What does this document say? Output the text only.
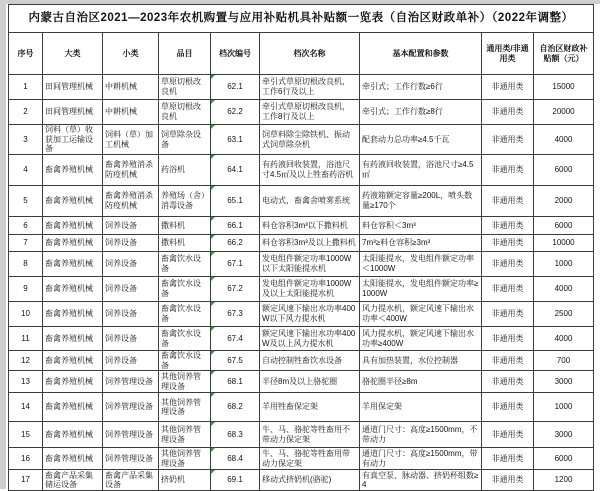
内蒙古自治区2021—2023年农机购置与应用补贴机具补贴额一览表（自治区财政单补）（2022年调整）								
序号	大类	小类	品目	档次编号	档次名称	基本配置和参数	通用类/非通用类	自治区财政补贴额（元）
1	田间管理机械	中耕机械	草原切根改良机	62.1	牵引式草原切根改良机，工作6行及以上	牵引式；工作行数≥6行	非通用类	15000
2	田间管理机械	中耕机械	草原切根改良机	62.2	牵引式草原切根改良机，工作8行及以上	牵引式；工作行数≥8行	非通用类	20000
3	饲料（草）收获加工运输设备	饲料（草）加工机械	饲草除杂设备	63.1	饲草料除尘除铁机、振动式饲草除杂机	配套动力总功率≥4.5千瓦	非通用类	4000
4	畜禽养殖机械	畜禽养殖消杀防疫机械	药浴机	64.1	有药液回收装置，浴池尺寸4.5㎡及以上牲畜药浴机	有药液回收装置，浴池尺寸≥4.5㎡	非通用类	6000
5	畜禽养殖机械	畜禽养殖消杀防疫机械	养殖场（舍）消毒设备	65.1	电动式，畜禽舍喷雾系统	药液箱额定容量≥200L，喷头数量≥170个	非通用类	2000
6	畜禽养殖机械	饲养设备	撒料机	66.1	料仓容积3m³以下撒料机	料仓容积＜3m³	非通用类	6000
7	畜禽养殖机械	饲养设备	撒料机	66.2	料仓容积3m³及以上撒料机	7m³≥料仓容积≥3m³	非通用类	10000
8	畜禽养殖机械	饲养设备	畜禽饮水设备	67.1	发电组件额定功率1000W以下太阳能提水机	太阳能提水，发电组件额定功率＜1000W	非通用类	1000
9	畜禽养殖机械	饲养设备	畜禽饮水设备	67.2	发电组件额定功率1000W及以上太阳能提水机	太阳能提水，发电组件额定功率≥1000W	非通用类	4000
10	畜禽养殖机械	饲养设备	畜禽饮水设备	67.3	额定风速下输出水功率400W以下风力提水机	风力提水机，额定风速下输出水功率＜400W	非通用类	2500
11	畜禽养殖机械	饲养设备	畜禽饮水设备	67.4	额定风速下输出水功率400W及以上风力提水机	风力提水机，额定风速下输出水功率≥400W	非通用类	4000
12	畜禽养殖机械	饲养设备	畜禽饮水设备	67.5	自动控制牲畜饮水设备	具有加热装置，水位控制器	非通用类	700
13	畜禽养殖机械	饲养管理设备	其他饲养管理设备	68.1	半径8m及以上骆驼圈	骆驼圈半径≥8m	非通用类	3000
14	畜禽养殖机械	饲养管理设备	其他饲养管理设备	68.2	羊用牲畜保定架	羊用保定架	非通用类	1000
15	畜禽养殖机械	饲养管理设备	其他饲养管理设备	68.3	牛、马、骆驼等牲畜用不带动力保定架	通道门尺寸：高度≥1500mm，不带动力	非通用类	3000
16	畜禽养殖机械	饲养管理设备	其他饲养管理设备	68.4	牛、马、骆驼等牲畜用带动力保定架	通道门尺寸：高度≥1500mm，带有动力	非通用类	6000
17	畜禽产品采集储运设备	畜禽产品采集设备	挤奶机	69.1	移动式挤奶机(骆驼)	有真空泵、脉动器、挤奶杯组数≥4	非通用类	1200
